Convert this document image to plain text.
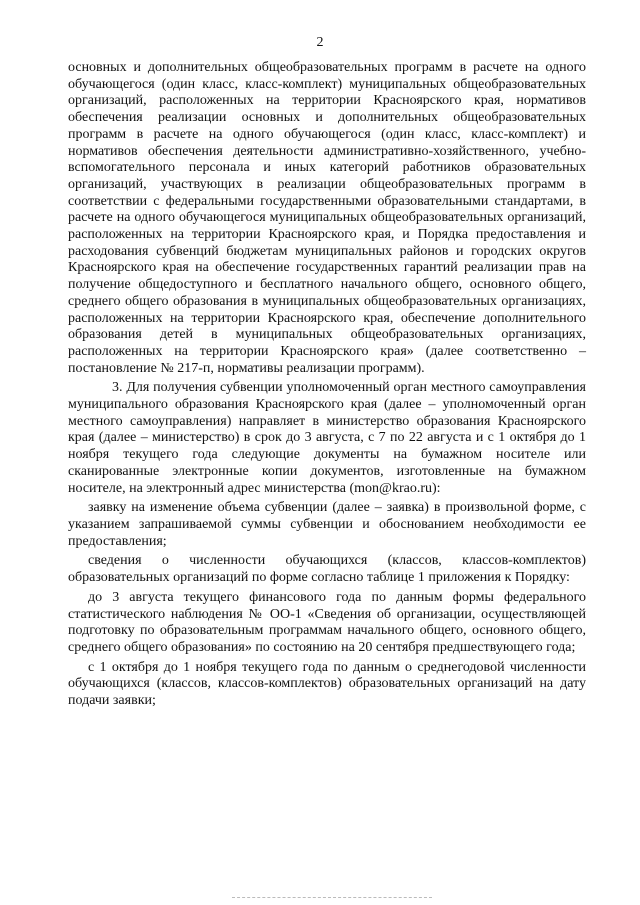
2

основных и дополнительных общеобразовательных программ в расчете на одного обучающегося (один класс, класс-комплект) муниципальных общеобразовательных организаций, расположенных на территории Красноярского края, нормативов обеспечения реализации основных и дополнительных общеобразовательных программ в расчете на одного обучающегося (один класс, класс-комплект) и нормативов обеспечения деятельности административно-хозяйственного, учебно-вспомогательного персонала и иных категорий работников образовательных организаций, участвующих в реализации общеобразовательных программ в соответствии с федеральными государственными образовательными стандартами, в расчете на одного обучающегося муниципальных общеобразовательных организаций, расположенных на территории Красноярского края, и Порядка предоставления и расходования субвенций бюджетам муниципальных районов и городских округов Красноярского края на обеспечение государственных гарантий реализации прав на получение общедоступного и бесплатного начального общего, основного общего, среднего общего образования в муниципальных общеобразовательных организациях, расположенных на территории Красноярского края, обеспечение дополнительного образования детей в муниципальных общеобразовательных организациях, расположенных на территории Красноярского края» (далее соответственно – постановление № 217-п, нормативы реализации программ).

3. Для получения субвенции уполномоченный орган местного самоуправления муниципального образования Красноярского края (далее – уполномоченный орган местного самоуправления) направляет в министерство образования Красноярского края (далее – министерство) в срок до 3 августа, с 7 по 22 августа и с 1 октября до 1 ноября текущего года следующие документы на бумажном носителе или сканированные электронные копии документов, изготовленные на бумажном носителе, на электронный адрес министерства (mon@krao.ru):

заявку на изменение объема субвенции (далее – заявка) в произвольной форме, с указанием запрашиваемой суммы субвенции и обоснованием необходимости ее предоставления;

сведения о численности обучающихся (классов, классов-комплектов) образовательных организаций по форме согласно таблице 1 приложения к Порядку:

до 3 августа текущего финансового года по данным формы федерального статистического наблюдения № ОО-1 «Сведения об организации, осуществляющей подготовку по образовательным программам начального общего, основного общего, среднего общего образования» по состоянию на 20 сентября предшествующего года;

с 1 октября до 1 ноября текущего года по данным о среднегодовой численности обучающихся (классов, классов-комплектов) образовательных организаций на дату подачи заявки;
